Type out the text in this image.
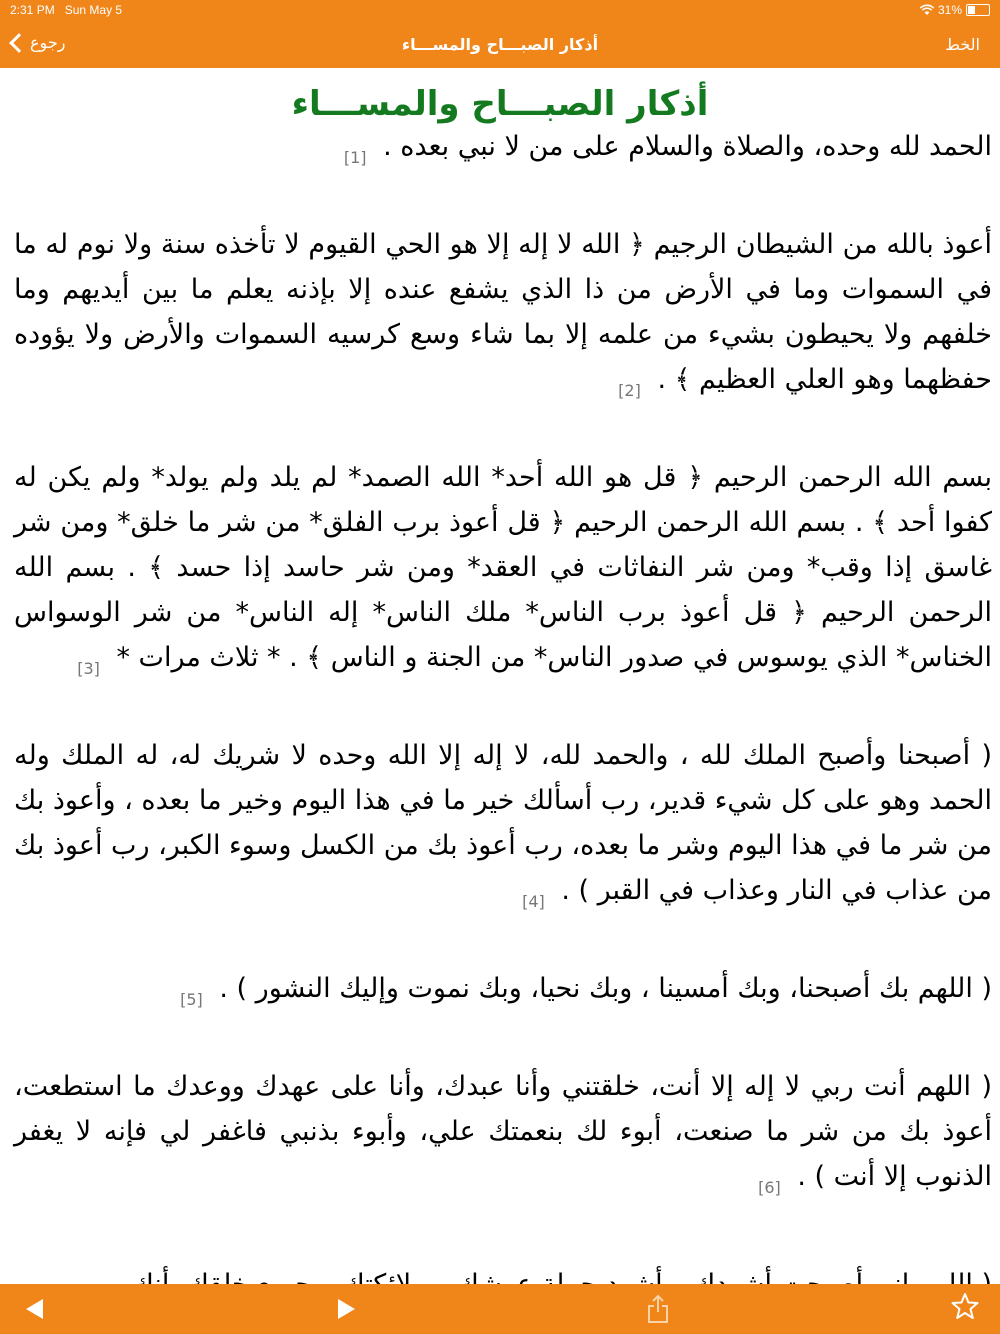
2:31 PM Sun May 5	31%
رجوع	أذكار الصبـــاح والمســـاء	الخط
أذكار الصبـــاح والمســـاء
الحمد لله وحده، والصلاة والسلام على من لا نبي بعده . [1]
أعوذ بالله من الشيطان الرجيم ﴿ الله لا إله إلا هو الحي القيوم لا تأخذه سنة ولا نوم له ما في السموات وما في الأرض من ذا الذي يشفع عنده إلا بإذنه يعلم ما بين أيديهم وما خلفهم ولا يحيطون بشيء من علمه إلا بما شاء وسع كرسيه السموات والأرض ولا يؤوده حفظهما وهو العلي العظيم ﴾ . [2]
بسم الله الرحمن الرحيم ﴿ قل هو الله أحد* الله الصمد* لم يلد ولم يولد* ولم يكن له كفوا أحد ﴾ . بسم الله الرحمن الرحيم ﴿ قل أعوذ برب الفلق* من شر ما خلق* ومن شر غاسق إذا وقب* ومن شر النفاثات في العقد* ومن شر حاسد إذا حسد ﴾ . بسم الله الرحمن الرحيم ﴿ قل أعوذ برب الناس* ملك الناس* إله الناس* من شر الوسواس الخناس* الذي يوسوس في صدور الناس* من الجنة و الناس ﴾ . * ثلاث مرات * [3]
( أصبحنا وأصبح الملك لله ، والحمد لله، لا إله إلا الله وحده لا شريك له، له الملك وله الحمد وهو على كل شيء قدير، رب أسألك خير ما في هذا اليوم وخير ما بعده ، وأعوذ بك من شر ما في هذا اليوم وشر ما بعده، رب أعوذ بك من الكسل وسوء الكبر، رب أعوذ بك من عذاب في النار وعذاب في القبر ) . [4]
( اللهم بك أصبحنا، وبك أمسينا ، وبك نحيا، وبك نموت وإليك النشور ) . [5]
( اللهم أنت ربي لا إله إلا أنت، خلقتني وأنا عبدك، وأنا على عهدك ووعدك ما استطعت، أعوذ بك من شر ما صنعت، أبوء لك بنعمتك علي، وأبوء بذنبي فاغفر لي فإنه لا يغفر الذنوب إلا أنت ) . [6]
